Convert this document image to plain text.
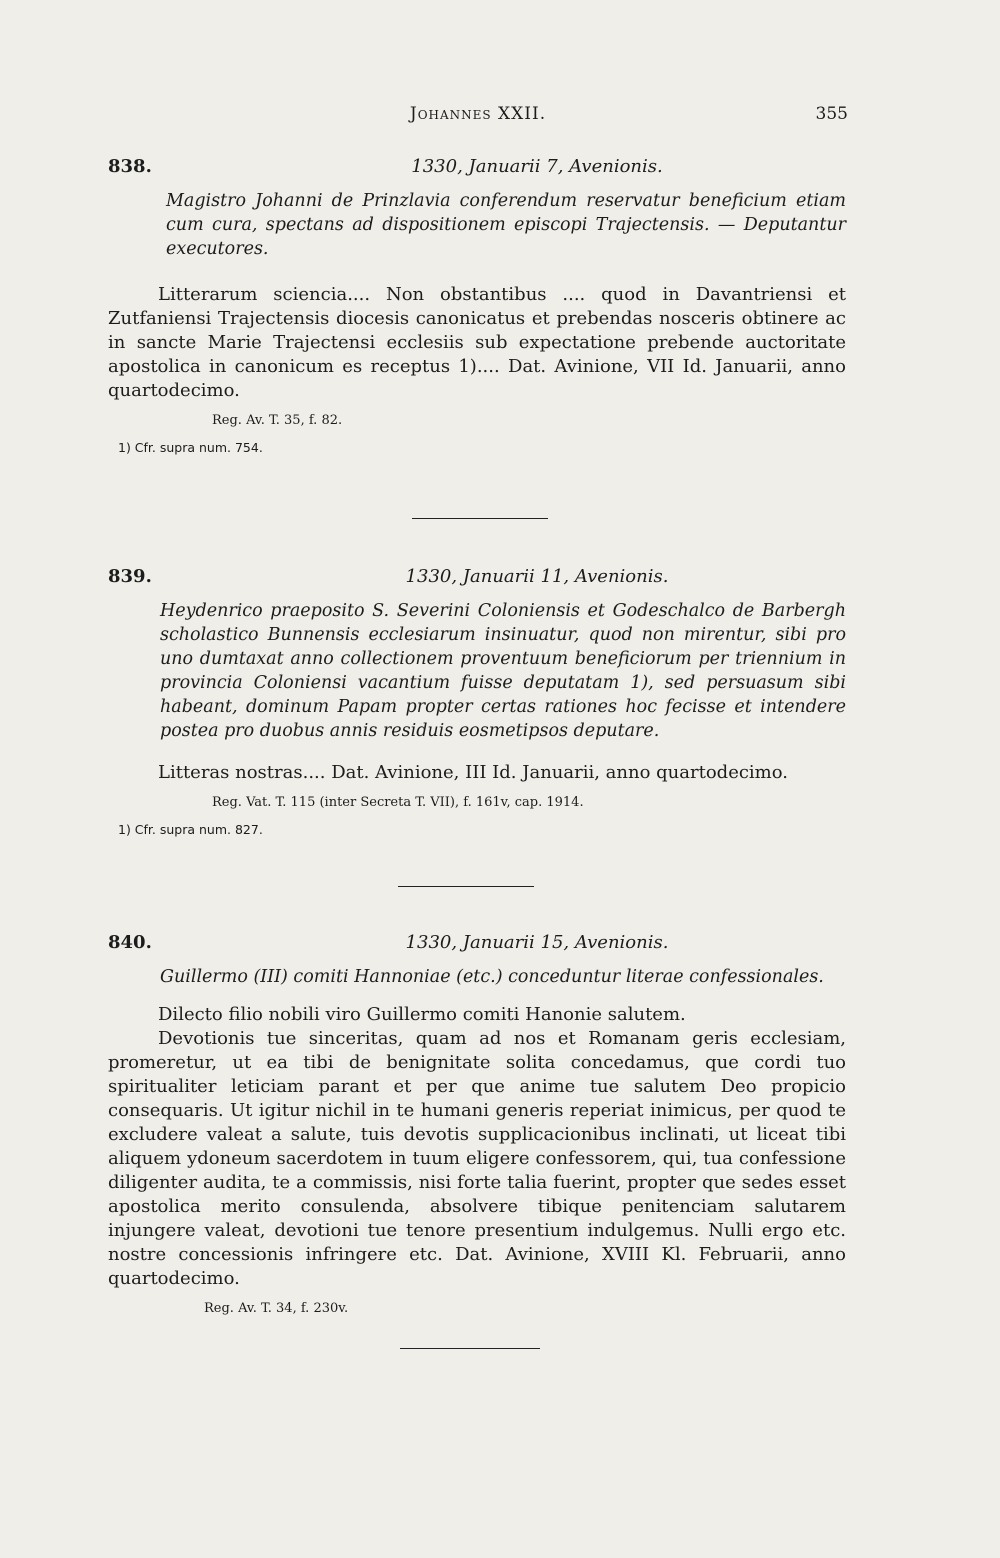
Johannes XXII.	355
838.	1330, Januarii 7, Avenionis.
Magistro Johanni de Prinzlavia conferendum reservatur beneficium etiam cum cura, spectans ad dispositionem episcopi Trajectensis. — Deputantur executores.

Litterarum sciencia.... Non obstantibus .... quod in Davantriensi et Zutfaniensi Trajectensis diocesis canonicatus et prebendas nosceris obtinere ac in sancte Marie Trajectensi ecclesiis sub expectatione prebende auctoritate apostolica in canonicum es receptus 1).... Dat. Avinione, VII Id. Januarii, anno quartodecimo.

Reg. Av. T. 35, f. 82.
1) Cfr. supra num. 754.
839.	1330, Januarii 11, Avenionis.
Heydenrico praeposito S. Severini Coloniensis et Godeschalco de Barbergh scholastico Bunnensis ecclesiarum insinuatur, quod non mirentur, sibi pro uno dumtaxat anno collectionem proventuum beneficiorum per triennium in provincia Coloniensi vacantium fuisse deputatam 1), sed persuasum sibi habeant, dominum Papam propter certas rationes hoc fecisse et intendere postea pro duobus annis residuis eosmetipsos deputare.

Litteras nostras.... Dat. Avinione, III Id. Januarii, anno quartodecimo.

Reg. Vat. T. 115 (inter Secreta T. VII), f. 161v, cap. 1914.
1) Cfr. supra num. 827.
840.	1330, Januarii 15, Avenionis.
Guillermo (III) comiti Hannoniae (etc.) conceduntur literae confessionales.

Dilecto filio nobili viro Guillermo comiti Hanonie salutem.

Devotionis tue sinceritas, quam ad nos et Romanam geris ecclesiam, promeretur, ut ea tibi de benignitate solita concedamus, que cordi tuo spiritualiter leticiam parant et per que anime tue salutem Deo propicio consequaris. Ut igitur nichil in te humani generis reperiat inimicus, per quod te excludere valeat a salute, tuis devotis supplicacionibus inclinati, ut liceat tibi aliquem ydoneum sacerdotem in tuum eligere confessorem, qui, tua confessione diligenter audita, te a commissis, nisi forte talia fuerint, propter que sedes esset apostolica merito consulenda, absolvere tibique penitenciam salutarem injungere valeat, devotioni tue tenore presentium indulgemus. Nulli ergo etc. nostre concessionis infringere etc. Dat. Avinione, XVIII Kl. Februarii, anno quartodecimo.

Reg. Av. T. 34, f. 230v.
